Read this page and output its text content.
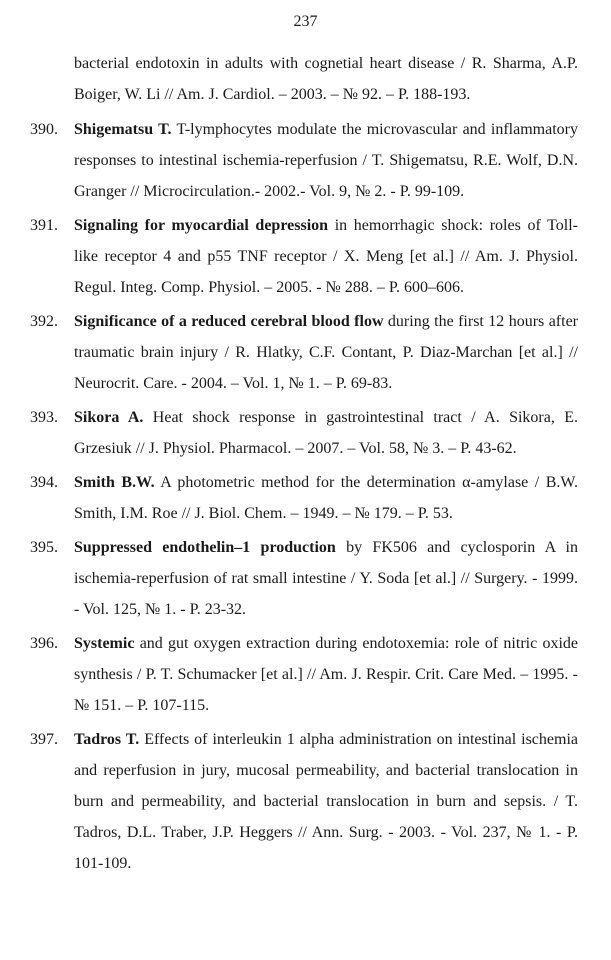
237

bacterial endotoxin in adults with cognetial heart disease / R. Sharma, A.P. Boiger, W. Li // Am. J. Cardiol. – 2003. – № 92. – P. 188-193.

390.	Shigematsu T. T-lymphocytes modulate the microvascular and inflammatory responses to intestinal ischemia-reperfusion / T. Shigematsu, R.E. Wolf, D.N. Granger // Microcirculation.- 2002.- Vol. 9, № 2. - P. 99-109.

391.	Signaling for myocardial depression in hemorrhagic shock: roles of Toll-like receptor 4 and p55 TNF receptor / X. Meng [et al.] // Am. J. Physiol. Regul. Integ. Comp. Physiol. – 2005. - № 288. – P. 600–606.

392.	Significance of a reduced cerebral blood flow during the first 12 hours after traumatic brain injury / R. Hlatky, C.F. Contant, P. Diaz-Marchan [et al.] // Neurocrit. Care. - 2004. – Vol. 1, № 1. – P. 69-83.

393.	Sikora A. Heat shock response in gastrointestinal tract / A. Sikora, E. Grzesiuk // J. Physiol. Pharmacol. – 2007. – Vol. 58, № 3. – P. 43-62.

394.	Smith B.W. A photometric method for the determination α-amylase / B.W. Smith, I.M. Roe // J. Biol. Chem. – 1949. – № 179. – P. 53.

395.	Suppressed endothelin–1 production by FK506 and cyclosporin A in ischemia-reperfusion of rat small intestine / Y. Soda [et al.] // Surgery. - 1999. - Vol. 125, № 1. - P. 23-32.

396.	Systemic and gut oxygen extraction during endotoxemia: role of nitric oxide synthesis / P. T. Schumacker [et al.] // Am. J. Respir. Crit. Care Med. – 1995. - № 151. – P. 107-115.

397.	Tadros T. Effects of interleukin 1 alpha administration on intestinal ischemia and reperfusion in jury, mucosal permeability, and bacterial translocation in burn and permeability, and bacterial translocation in burn and sepsis. / T. Tadros, D.L. Traber, J.P. Heggers // Ann. Surg. - 2003. - Vol. 237, № 1. - P. 101-109.
